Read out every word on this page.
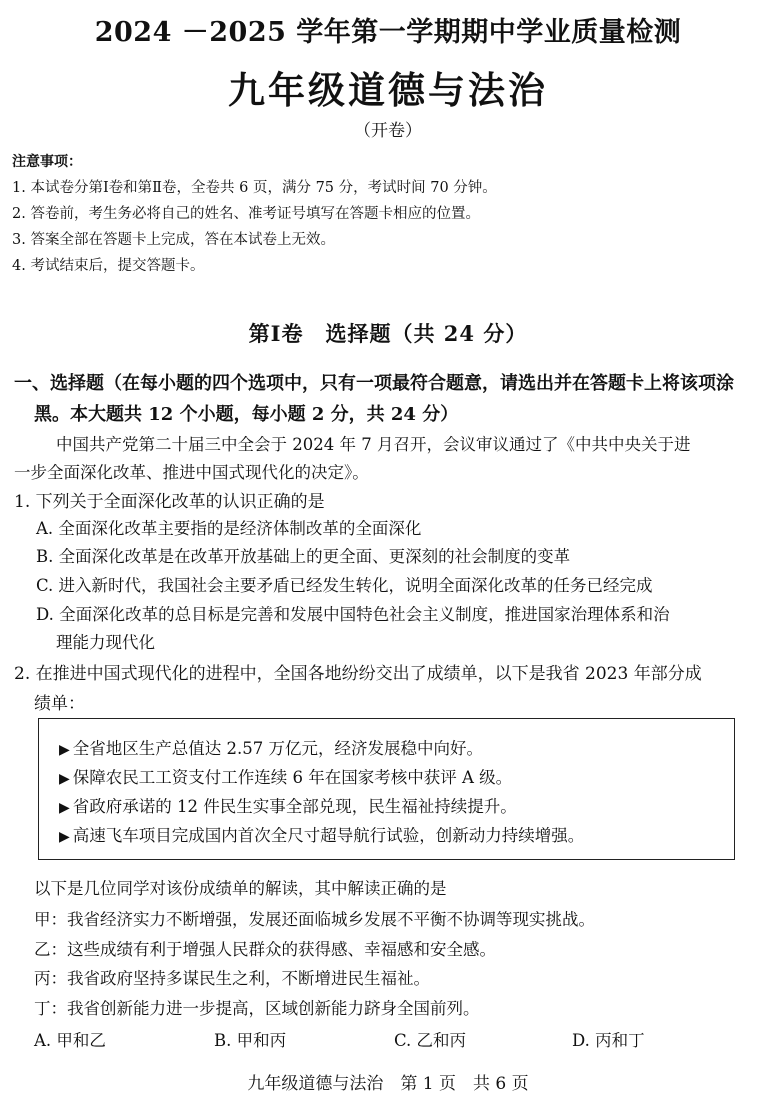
2024 －2025 学年第一学期期中学业质量检测
九年级道德与法治
（开卷）
注意事项：
1. 本试卷分第Ⅰ卷和第Ⅱ卷，全卷共 6 页，满分 75 分，考试时间 70 分钟。
2. 答卷前，考生务必将自己的姓名、准考证号填写在答题卡相应的位置。
3. 答案全部在答题卡上完成，答在本试卷上无效。
4. 考试结束后，提交答题卡。
第Ⅰ卷　选择题（共 24 分）
一、选择题（在每小题的四个选项中，只有一项最符合题意，请选出并在答题卡上将该项涂
黑。本大题共 12 个小题，每小题 2 分，共 24 分）
中国共产党第二十届三中全会于 2024 年 7 月召开，会议审议通过了《中共中央关于进
一步全面深化改革、推进中国式现代化的决定》。
1. 下列关于全面深化改革的认识正确的是
A. 全面深化改革主要指的是经济体制改革的全面深化
B. 全面深化改革是在改革开放基础上的更全面、更深刻的社会制度的变革
C. 进入新时代，我国社会主要矛盾已经发生转化，说明全面深化改革的任务已经完成
D. 全面深化改革的总目标是完善和发展中国特色社会主义制度，推进国家治理体系和治
理能力现代化
2. 在推进中国式现代化的进程中，全国各地纷纷交出了成绩单，以下是我省 2023 年部分成
绩单：
▶ 全省地区生产总值达 2.57 万亿元，经济发展稳中向好。
▶ 保障农民工工资支付工作连续 6 年在国家考核中获评 A 级。
▶ 省政府承诺的 12 件民生实事全部兑现，民生福祉持续提升。
▶ 高速飞车项目完成国内首次全尺寸超导航行试验，创新动力持续增强。
以下是几位同学对该份成绩单的解读，其中解读正确的是
甲：我省经济实力不断增强，发展还面临城乡发展不平衡不协调等现实挑战。
乙：这些成绩有利于增强人民群众的获得感、幸福感和安全感。
丙：我省政府坚持多谋民生之利，不断增进民生福祉。
丁：我省创新能力进一步提高，区域创新能力跻身全国前列。
A. 甲和乙	B. 甲和丙	C. 乙和丙	D. 丙和丁
九年级道德与法治　第 1 页　共 6 页
